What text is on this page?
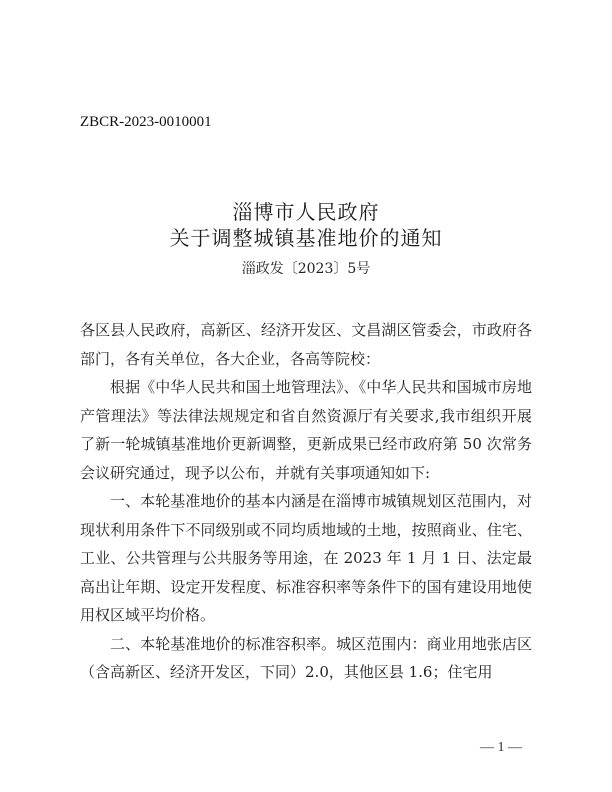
ZBCR-2023-0010001
淄博市人民政府
关于调整城镇基准地价的通知
淄政发〔2023〕5号

各区县人民政府，高新区、经济开发区、文昌湖区管委会，市政府各部门，各有关单位，各大企业，各高等院校：

根据《中华人民共和国土地管理法》、《中华人民共和国城市房地产管理法》等法律法规规定和省自然资源厅有关要求,我市组织开展了新一轮城镇基准地价更新调整，更新成果已经市政府第 50 次常务会议研究通过，现予以公布，并就有关事项通知如下:

一、本轮基准地价的基本内涵是在淄博市城镇规划区范围内，对现状利用条件下不同级别或不同均质地域的土地，按照商业、住宅、工业、公共管理与公共服务等用途，在 2023 年 1 月 1 日、法定最高出让年期、设定开发程度、标准容积率等条件下的国有建设用地使用权区域平均价格。

二、本轮基准地价的标准容积率。城区范围内：商业用地张店区（含高新区、经济开发区，下同）2.0，其他区县 1.6；住宅用

— 1 —
